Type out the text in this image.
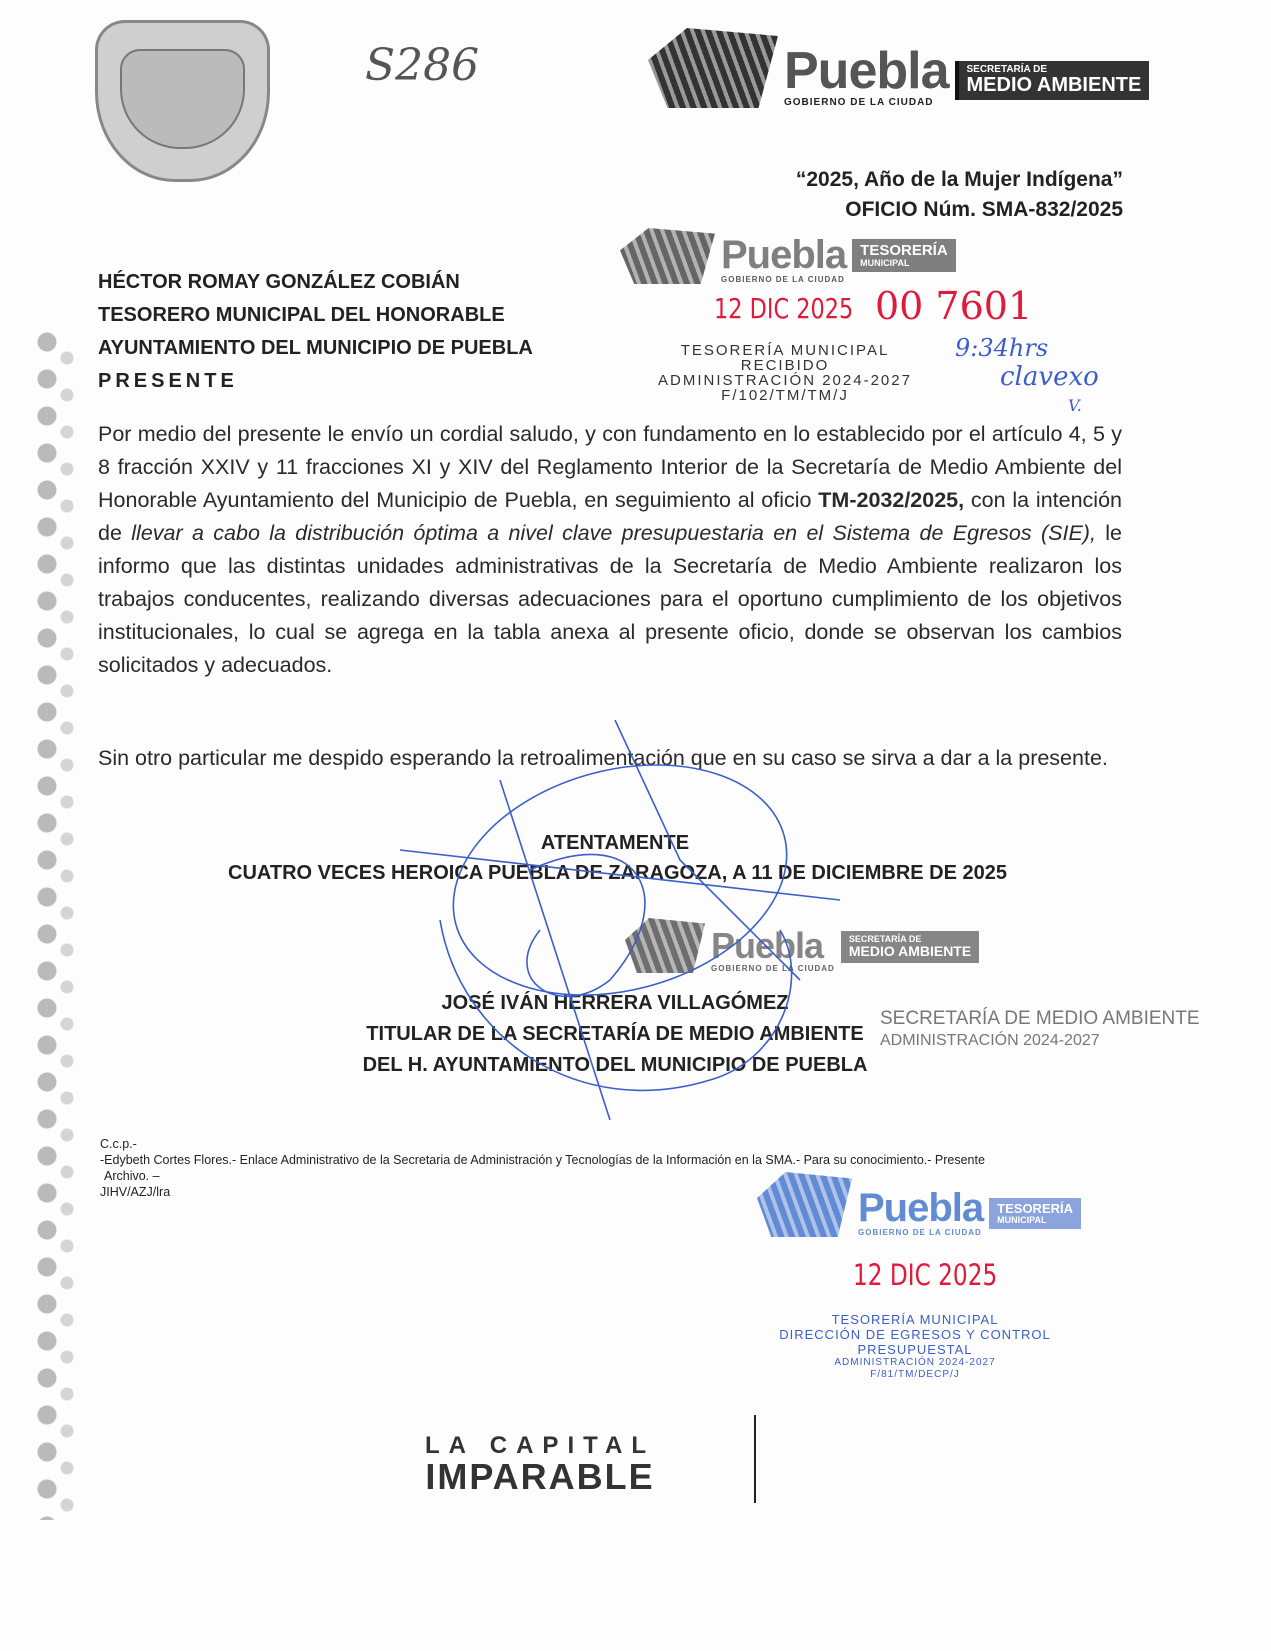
S286	Puebla
GOBIERNO DE LA CIUDAD
SECRETARÍA DE
MEDIO AMBIENTE
“2025, Año de la Mujer Indígena”
OFICIO Núm. SMA-832/2025
Puebla
GOBIERNO DE LA CIUDAD
TESORERÍA
MUNICIPAL
12 DIC 2025 00 7601
TESORERÍA MUNICIPAL
RECIBIDO
ADMINISTRACIÓN 2024-2027
F/102/TM/TM/J
9:34hrs
clavexo
V.
HÉCTOR ROMAY GONZÁLEZ COBIÁN
TESORERO MUNICIPAL DEL HONORABLE
AYUNTAMIENTO DEL MUNICIPIO DE PUEBLA
PRESENTE
Por medio del presente le envío un cordial saludo, y con fundamento en lo establecido por el artículo 4, 5 y 8 fracción XXIV y 11 fracciones XI y XIV del Reglamento Interior de la Secretaría de Medio Ambiente del Honorable Ayuntamiento del Municipio de Puebla, en seguimiento al oficio TM-2032/2025, con la intención de llevar a cabo la distribución óptima a nivel clave presupuestaria en el Sistema de Egresos (SIE), le informo que las distintas unidades administrativas de la Secretaría de Medio Ambiente realizaron los trabajos conducentes, realizando diversas adecuaciones para el oportuno cumplimiento de los objetivos institucionales, lo cual se agrega en la tabla anexa al presente oficio, donde se observan los cambios solicitados y adecuados.
Sin otro particular me despido esperando la retroalimentación que en su caso se sirva a dar a la presente.
ATENTAMENTE
CUATRO VECES HEROICA PUEBLA DE ZARAGOZA, A 11 DE DICIEMBRE DE 2025
Puebla
GOBIERNO DE LA CIUDAD
SECRETARÍA DE
MEDIO AMBIENTE
SECRETARÍA DE MEDIO AMBIENTE
ADMINISTRACIÓN 2024-2027
JOSÉ IVÁN HERRERA VILLAGÓMEZ
TITULAR DE LA SECRETARÍA DE MEDIO AMBIENTE
DEL H. AYUNTAMIENTO DEL MUNICIPIO DE PUEBLA
C.c.p.-
-Edybeth Cortes Flores.- Enlace Administrativo de la Secretaria de Administración y Tecnologías de la Información en la SMA.- Para su conocimiento.- Presente
Archivo. –
JIHV/AZJ/lra	Puebla
GOBIERNO DE LA CIUDAD
TESORERÍA
MUNICIPAL
12 DIC 2025
TESORERÍA MUNICIPAL
DIRECCIÓN DE EGRESOS Y CONTROL
PRESUPUESTAL
ADMINISTRACIÓN 2024-2027
F/81/TM/DECP/J
LA CAPITAL
IMPARABLE
